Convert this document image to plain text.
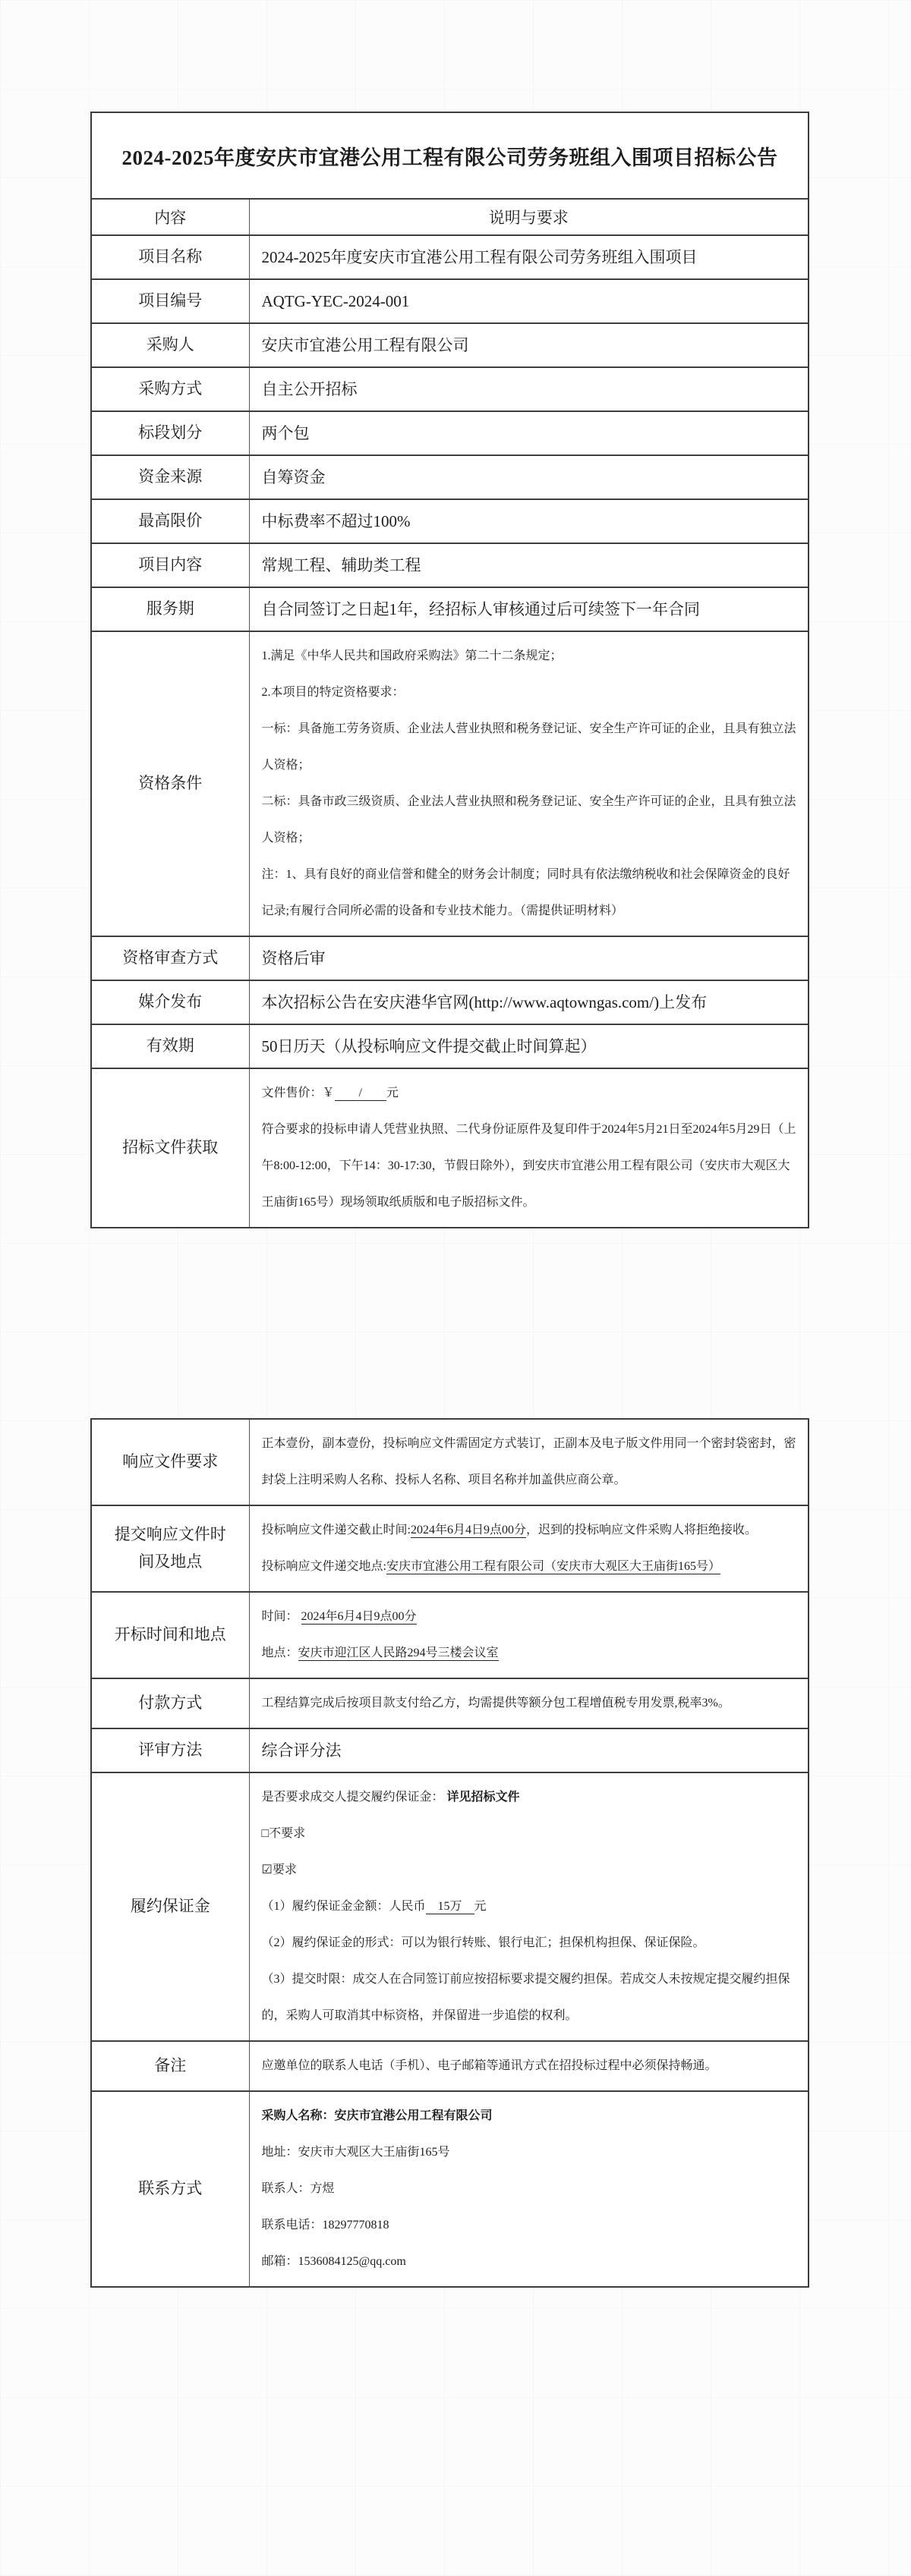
2024-2025年度安庆市宜港公用工程有限公司劳务班组入围项目招标公告	
内容	说明与要求
项目名称	2024-2025年度安庆市宜港公用工程有限公司劳务班组入围项目
项目编号	AQTG-YEC-2024-001
采购人	安庆市宜港公用工程有限公司
采购方式	自主公开招标
标段划分	两个包
资金来源	自筹资金
最高限价	中标费率不超过100%
项目内容	常规工程、辅助类工程
服务期	自合同签订之日起1年，经招标人审核通过后可续签下一年合同
资格条件	1.满足《中华人民共和国政府采购法》第二十二条规定；
2.本项目的特定资格要求：
一标：具备施工劳务资质、企业法人营业执照和税务登记证、安全生产许可证的企业，且具有独立法人资格；
二标：具备市政三级资质、企业法人营业执照和税务登记证、安全生产许可证的企业，且具有独立法人资格；
注：1、具有良好的商业信誉和健全的财务会计制度；同时具有依法缴纳税收和社会保障资金的良好记录;有履行合同所必需的设备和专业技术能力。（需提供证明材料）

资格审查方式	资格后审
媒介发布	本次招标公告在安庆港华官网(http://www.aqtowngas.com/)上发布
有效期	50日历天（从投标响应文件提交截止时间算起）
招标文件获取	文件售价：￥　　/　　元
符合要求的投标申请人凭营业执照、二代身份证原件及复印件于2024年5月21日至2024年5月29日（上午8:00-12:00，下午14：30-17:30，节假日除外），到安庆市宜港公用工程有限公司（安庆市大观区大王庙街165号）现场领取纸质版和电子版招标文件。
响应文件要求	正本壹份，副本壹份，投标响应文件需固定方式装订，正副本及电子版文件用同一个密封袋密封，密封袋上注明采购人名称、投标人名称、项目名称并加盖供应商公章。

提交响应文件时
间及地点	投标响应文件递交截止时间:2024年6月4日9点00分，迟到的投标响应文件采购人将拒绝接收。
投标响应文件递交地点:安庆市宜港公用工程有限公司（安庆市大观区大王庙街165号）

开标时间和地点	时间： 2024年6月4日9点00分
地点：安庆市迎江区人民路294号三楼会议室

付款方式	工程结算完成后按项目款支付给乙方，均需提供等额分包工程增值税专用发票,税率3%。
评审方法	综合评分法
履约保证金	
是否要求成交人提交履约保证金： 详见招标文件
□不要求
☑要求
（1）履约保证金金额：人民币　15万　元
（2）履约保证金的形式：可以为银行转账、银行电汇；担保机构担保、保证保险。
（3）提交时限：成交人在合同签订前应按招标要求提交履约担保。若成交人未按规定提交履约担保的，采购人可取消其中标资格，并保留进一步追偿的权利。

备注	应邀单位的联系人电话（手机）、电子邮箱等通讯方式在招投标过程中必须保持畅通。
联系方式	采购人名称：安庆市宜港公用工程有限公司
地址：安庆市大观区大王庙街165号
联系人：方煜
联系电话：18297770818
邮箱：1536084125@qq.com
